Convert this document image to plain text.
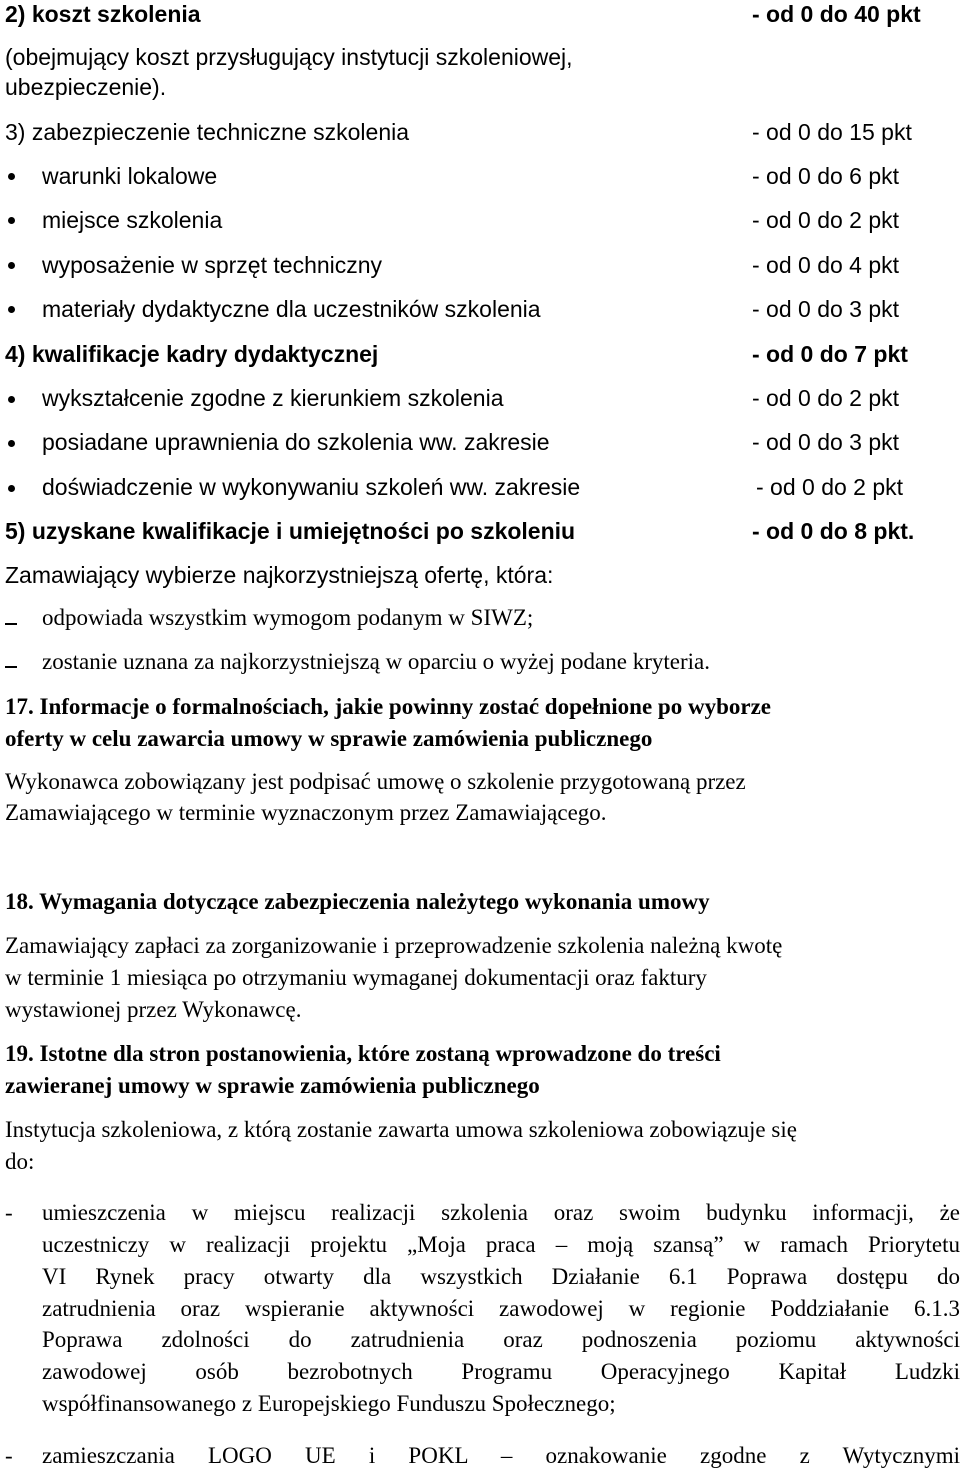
2) koszt szkolenia	- od 0 do 40 pkt
(obejmujący koszt przysługujący instytucji szkoleniowej,
ubezpieczenie).
3) zabezpieczenie techniczne szkolenia	- od 0 do 15 pkt
warunki lokalowe	- od 0 do 6 pkt
miejsce szkolenia	- od 0 do 2 pkt
wyposażenie w sprzęt techniczny	- od 0 do 4 pkt
materiały dydaktyczne dla uczestników szkolenia	- od 0 do 3 pkt
4) kwalifikacje kadry dydaktycznej	- od 0 do 7 pkt
wykształcenie zgodne z kierunkiem szkolenia	- od 0 do 2 pkt
posiadane uprawnienia do szkolenia ww. zakresie	- od 0 do 3 pkt
doświadczenie w wykonywaniu szkoleń ww. zakresie	- od 0 do 2 pkt
5) uzyskane kwalifikacje i umiejętności po szkoleniu	- od 0 do 8 pkt.
Zamawiający wybierze najkorzystniejszą ofertę, która:
odpowiada wszystkim wymogom podanym w SIWZ;
zostanie uznana za najkorzystniejszą w oparciu o wyżej podane kryteria.
17. Informacje o formalnościach, jakie powinny zostać dopełnione po wyborze
oferty w celu zawarcia umowy w sprawie zamówienia publicznego
Wykonawca zobowiązany jest podpisać umowę o szkolenie przygotowaną przez
Zamawiającego w terminie wyznaczonym przez Zamawiającego.
18. Wymagania dotyczące zabezpieczenia należytego wykonania umowy
Zamawiający zapłaci za zorganizowanie i przeprowadzenie szkolenia należną kwotę
w terminie 1 miesiąca po otrzymaniu wymaganej dokumentacji oraz faktury
wystawionej przez Wykonawcę.
19. Istotne dla stron postanowienia, które zostaną wprowadzone do treści
zawieranej umowy w sprawie zamówienia publicznego
Instytucja szkoleniowa, z którą zostanie zawarta umowa szkoleniowa zobowiązuje się
do:
- umieszczenia w miejscu realizacji szkolenia oraz swoim budynku informacji, że
uczestniczy w realizacji projektu „Moja praca – moją szansą” w ramach Priorytetu
VI Rynek pracy otwarty dla wszystkich Działanie 6.1 Poprawa dostępu do
zatrudnienia oraz wspieranie aktywności zawodowej w regionie Poddziałanie 6.1.3
Poprawa zdolności do zatrudnienia oraz podnoszenia poziomu aktywności
zawodowej osób bezrobotnych Programu Operacyjnego Kapitał Ludzki
współfinansowanego z Europejskiego Funduszu Społecznego;
- zamieszczania LOGO UE i POKL – oznakowanie zgodne z Wytycznymi
